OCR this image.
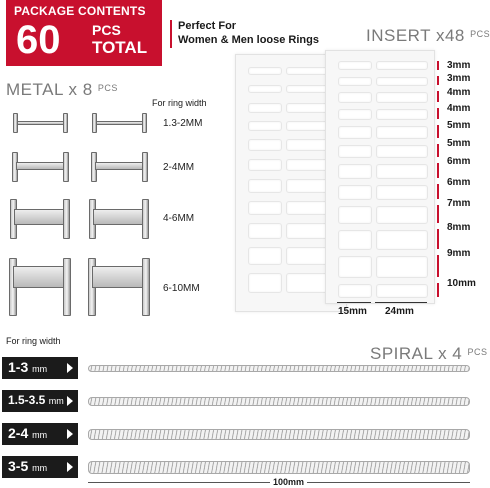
PACKAGE CONTENTS
60 PCS
TOTAL
Perfect For
Women & Men loose Rings
METAL x 8 $^{PCS}$
For ring width
1.3-2MM
2-4MM
4-6MM
6-10MM
INSERT x48 $^{PCS}$
3mm
3mm
4mm
4mm
5mm
5mm
6mm
6mm
7mm
8mm
9mm
10mm
15mm 24mm
For ring width
SPIRAL x 4 $^{PCS}$
1-3 mm
1.5-3.5 mm
2-4 mm
3-5 mm
100mm
